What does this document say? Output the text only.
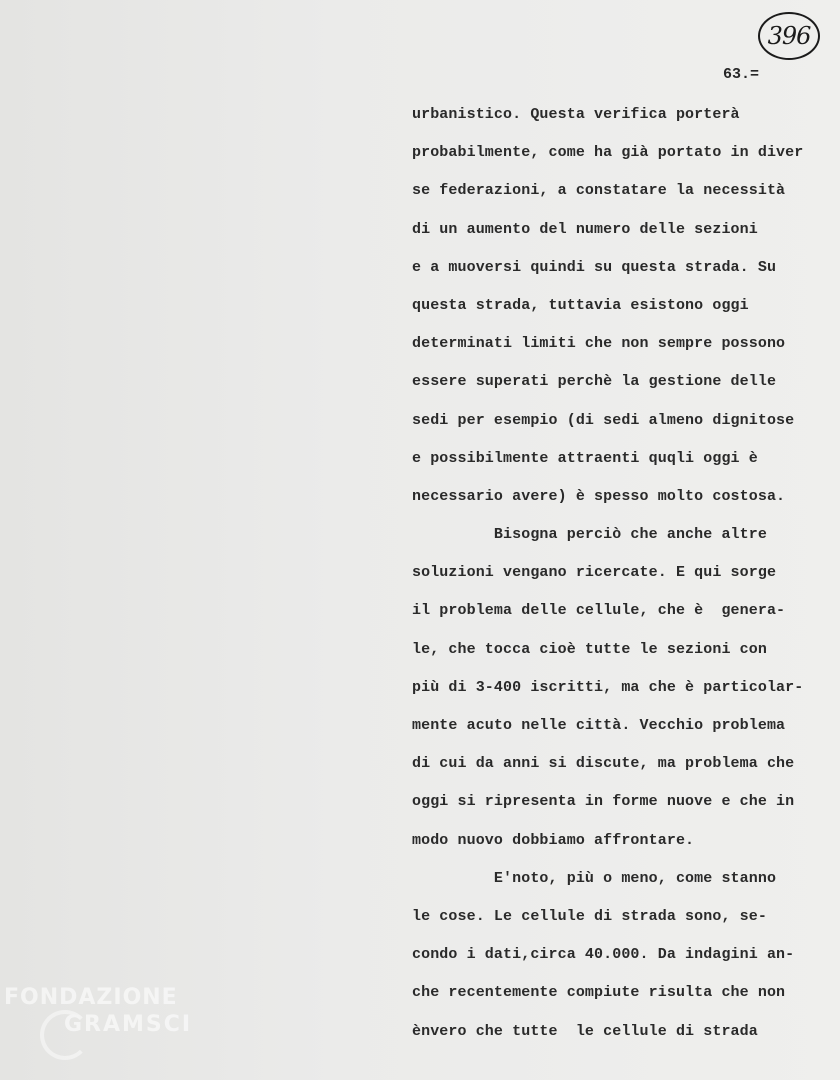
396
63.=
urbanistico. Questa verifica porterà
probabilmente, come ha già portato in diver
se federazioni, a constatare la necessità
di un aumento del numero delle sezioni
e a muoversi quindi su questa strada. Su
questa strada, tuttavia esistono oggi
determinati limiti che non sempre possono
essere superati perchè la gestione delle
sedi per esempio (di sedi almeno dignitose
e possibilmente attraenti quqli oggi è
necessario avere) è spesso molto costosa.
Bisogna perciò che anche altre
soluzioni vengano ricercate. E qui sorge
il problema delle cellule, che è  genera-
le, che tocca cioè tutte le sezioni con
più di 3-400 iscritti, ma che è particolar-
mente acuto nelle città. Vecchio problema
di cui da anni si discute, ma problema che
oggi si ripresenta in forme nuove e che in
modo nuovo dobbiamo affrontare.
E'noto, più o meno, come stanno
le cose. Le cellule di strada sono, se-
condo i dati,circa 40.000. Da indagini an-
che recentemente compiute risulta che non
ènvero che tutte  le cellule di strada
FONDAZIONE
GRAMSCI
